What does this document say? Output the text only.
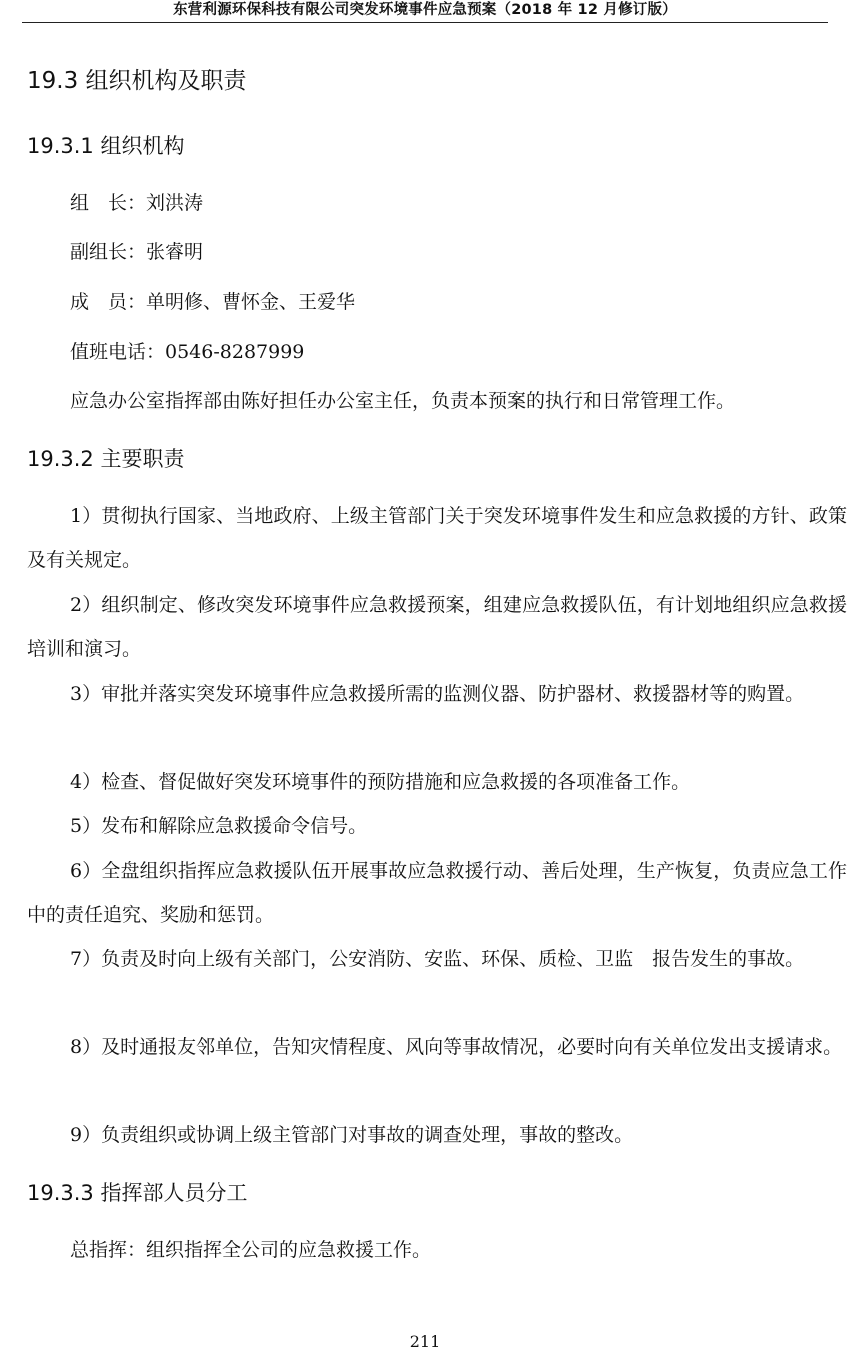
东营利源环保科技有限公司突发环境事件应急预案（2018 年 12 月修订版）
19.3 组织机构及职责
19.3.1 组织机构
组　长：刘洪涛
副组长：张睿明
成　员：单明修、曹怀金、王爱华
值班电话：0546-8287999
应急办公室指挥部由陈好担任办公室主任，负责本预案的执行和日常管理工作。
19.3.2 主要职责

1）贯彻执行国家、当地政府、上级主管部门关于突发环境事件发生和应急救援的方针、政策及有关规定。

2）组织制定、修改突发环境事件应急救援预案，组建应急救援队伍，有计划地组织应急救援培训和演习。

3）审批并落实突发环境事件应急救援所需的监测仪器、防护器材、救援器材等的购置。

4）检查、督促做好突发环境事件的预防措施和应急救援的各项准备工作。

5）发布和解除应急救援命令信号。

6）全盘组织指挥应急救援队伍开展事故应急救援行动、善后处理，生产恢复，负责应急工作中的责任追究、奖励和惩罚。

7）负责及时向上级有关部门，公安消防、安监、环保、质检、卫监　报告发生的事故。

8）及时通报友邻单位，告知灾情程度、风向等事故情况，必要时向有关单位发出支援请求。

9）负责组织或协调上级主管部门对事故的调查处理，事故的整改。

19.3.3 指挥部人员分工
总指挥：组织指挥全公司的应急救援工作。
211
